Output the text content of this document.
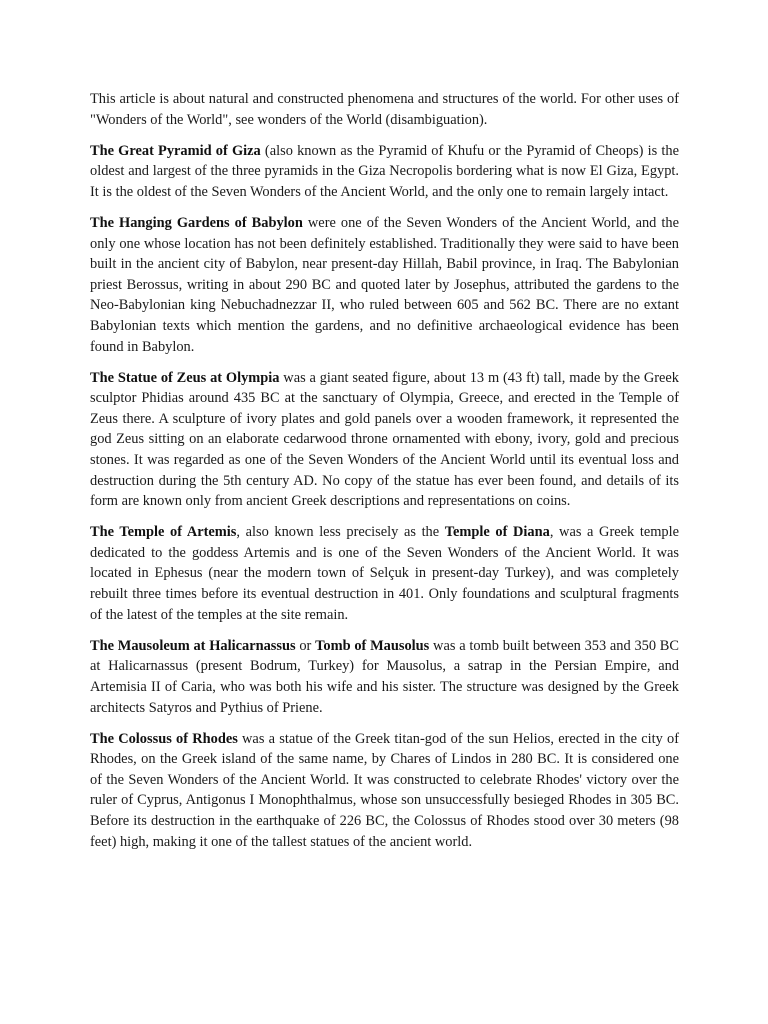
This article is about natural and constructed phenomena and structures of the world. For other uses of "Wonders of the World", see wonders of the World (disambiguation).

The Great Pyramid of Giza (also known as the Pyramid of Khufu or the Pyramid of Cheops) is the oldest and largest of the three pyramids in the Giza Necropolis bordering what is now El Giza, Egypt. It is the oldest of the Seven Wonders of the Ancient World, and the only one to remain largely intact.

The Hanging Gardens of Babylon were one of the Seven Wonders of the Ancient World, and the only one whose location has not been definitely established. Traditionally they were said to have been built in the ancient city of Babylon, near present-day Hillah, Babil province, in Iraq. The Babylonian priest Berossus, writing in about 290 BC and quoted later by Josephus, attributed the gardens to the Neo-Babylonian king Nebuchadnezzar II, who ruled between 605 and 562 BC. There are no extant Babylonian texts which mention the gardens, and no definitive archaeological evidence has been found in Babylon.

The Statue of Zeus at Olympia was a giant seated figure, about 13 m (43 ft) tall, made by the Greek sculptor Phidias around 435 BC at the sanctuary of Olympia, Greece, and erected in the Temple of Zeus there. A sculpture of ivory plates and gold panels over a wooden framework, it represented the god Zeus sitting on an elaborate cedarwood throne ornamented with ebony, ivory, gold and precious stones. It was regarded as one of the Seven Wonders of the Ancient World until its eventual loss and destruction during the 5th century AD. No copy of the statue has ever been found, and details of its form are known only from ancient Greek descriptions and representations on coins.

The Temple of Artemis, also known less precisely as the Temple of Diana, was a Greek temple dedicated to the goddess Artemis and is one of the Seven Wonders of the Ancient World. It was located in Ephesus (near the modern town of Selçuk in present-day Turkey), and was completely rebuilt three times before its eventual destruction in 401. Only foundations and sculptural fragments of the latest of the temples at the site remain.

The Mausoleum at Halicarnassus or Tomb of Mausolus was a tomb built between 353 and 350 BC at Halicarnassus (present Bodrum, Turkey) for Mausolus, a satrap in the Persian Empire, and Artemisia II of Caria, who was both his wife and his sister. The structure was designed by the Greek architects Satyros and Pythius of Priene.

The Colossus of Rhodes was a statue of the Greek titan-god of the sun Helios, erected in the city of Rhodes, on the Greek island of the same name, by Chares of Lindos in 280 BC. It is considered one of the Seven Wonders of the Ancient World. It was constructed to celebrate Rhodes' victory over the ruler of Cyprus, Antigonus I Monophthalmus, whose son unsuccessfully besieged Rhodes in 305 BC. Before its destruction in the earthquake of 226 BC, the Colossus of Rhodes stood over 30 meters (98 feet) high, making it one of the tallest statues of the ancient world.
